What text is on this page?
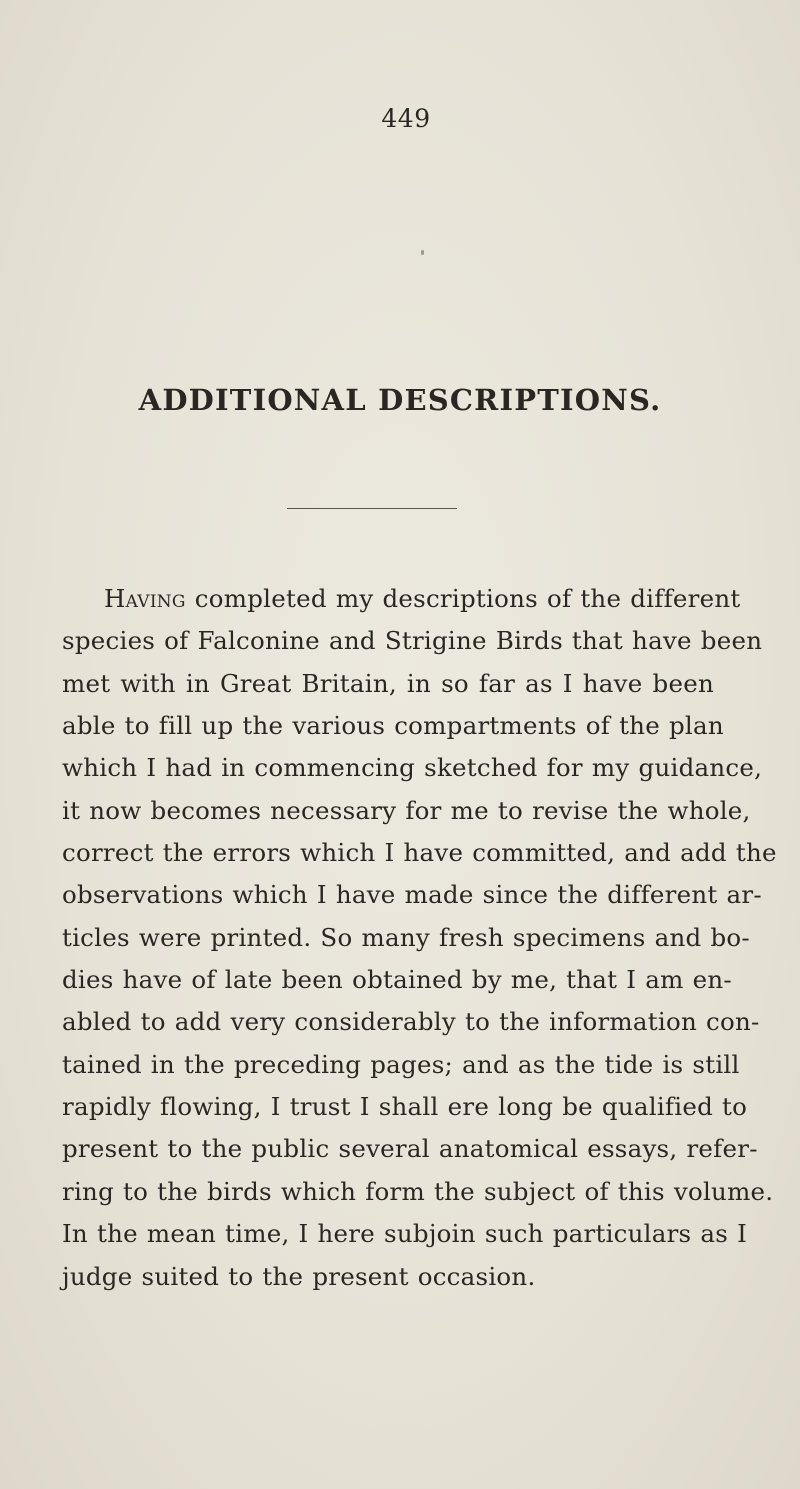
449
ADDITIONAL DESCRIPTIONS.
Having completed my descriptions of the different
species of Falconine and Strigine Birds that have been
met with in Great Britain, in so far as I have been
able to fill up the various compartments of the plan
which I had in commencing sketched for my guidance,
it now becomes necessary for me to revise the whole,
correct the errors which I have committed, and add the
observations which I have made since the different ar-
ticles were printed. So many fresh specimens and bo-
dies have of late been obtained by me, that I am en-
abled to add very considerably to the information con-
tained in the preceding pages; and as the tide is still
rapidly flowing, I trust I shall ere long be qualified to
present to the public several anatomical essays, refer-
ring to the birds which form the subject of this volume.
In the mean time, I here subjoin such particulars as I
judge suited to the present occasion.
